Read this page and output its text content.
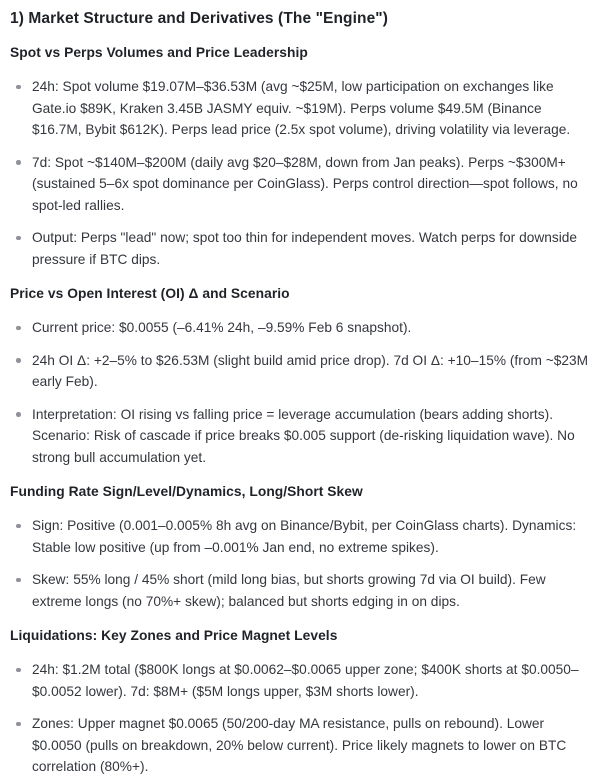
1) Market Structure and Derivatives (The "Engine")
Spot vs Perps Volumes and Price Leadership
24h: Spot volume $19.07M–$36.53M (avg ~$25M, low participation on exchanges like Gate.io $89K, Kraken 3.45B JASMY equiv. ~$19M). Perps volume $49.5M (Binance $16.7M, Bybit $612K). Perps lead price (2.5x spot volume), driving volatility via leverage.
7d: Spot ~$140M–$200M (daily avg $20–$28M, down from Jan peaks). Perps ~$300M+ (sustained 5–6x spot dominance per CoinGlass). Perps control direction—spot follows, no spot-led rallies.
Output: Perps "lead" now; spot too thin for independent moves. Watch perps for downside pressure if BTC dips.
Price vs Open Interest (OI) Δ and Scenario
Current price: $0.0055 (–6.41% 24h, –9.59% Feb 6 snapshot).
24h OI Δ: +2–5% to $26.53M (slight build amid price drop). 7d OI Δ: +10–15% (from ~$23M early Feb).
Interpretation: OI rising vs falling price = leverage accumulation (bears adding shorts). Scenario: Risk of cascade if price breaks $0.005 support (de-risking liquidation wave). No strong bull accumulation yet.
Funding Rate Sign/Level/Dynamics, Long/Short Skew
Sign: Positive (0.001–0.005% 8h avg on Binance/Bybit, per CoinGlass charts). Dynamics: Stable low positive (up from –0.001% Jan end, no extreme spikes).
Skew: 55% long / 45% short (mild long bias, but shorts growing 7d via OI build). Few extreme longs (no 70%+ skew); balanced but shorts edging in on dips.
Liquidations: Key Zones and Price Magnet Levels
24h: $1.2M total ($800K longs at $0.0062–$0.0065 upper zone; $400K shorts at $0.0050–$0.0052 lower). 7d: $8M+ ($5M longs upper, $3M shorts lower).
Zones: Upper magnet $0.0065 (50/200-day MA resistance, pulls on rebound). Lower $0.0050 (pulls on breakdown, 20% below current). Price likely magnets to lower on BTC correlation (80%+).
